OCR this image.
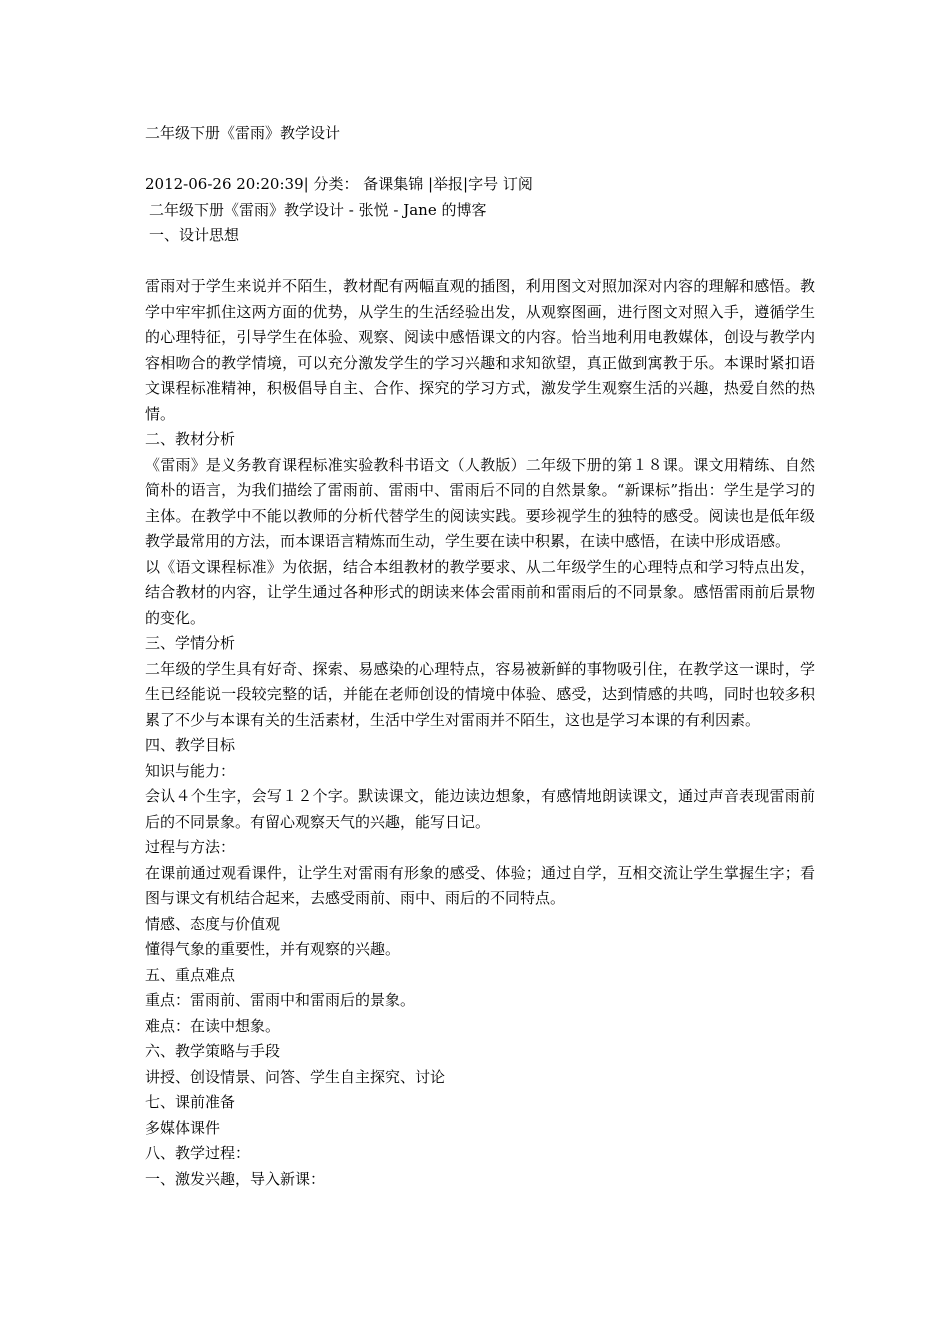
二年级下册《雷雨》教学设计
2012-06-26 20:20:39| 分类： 备课集锦 |举报|字号 订阅
二年级下册《雷雨》教学设计 - 张悦 - Jane 的博客
一、设计思想
雷雨对于学生来说并不陌生，教材配有两幅直观的插图，利用图文对照加深对内容的理解和感悟。教学中牢牢抓住这两方面的优势，从学生的生活经验出发，从观察图画，进行图文对照入手，遵循学生的心理特征，引导学生在体验、观察、阅读中感悟课文的内容。恰当地利用电教媒体，创设与教学内容相吻合的教学情境，可以充分激发学生的学习兴趣和求知欲望，真正做到寓教于乐。本课时紧扣语文课程标准精神，积极倡导自主、合作、探究的学习方式，激发学生观察生活的兴趣，热爱自然的热情。
二、教材分析
《雷雨》是义务教育课程标准实验教科书语文（人教版）二年级下册的第１８课。课文用精练、自然简朴的语言，为我们描绘了雷雨前、雷雨中、雷雨后不同的自然景象。“新课标”指出：学生是学习的主体。在教学中不能以教师的分析代替学生的阅读实践。要珍视学生的独特的感受。阅读也是低年级教学最常用的方法，而本课语言精炼而生动，学生要在读中积累，在读中感悟，在读中形成语感。
以《语文课程标准》为依据，结合本组教材的教学要求、从二年级学生的心理特点和学习特点出发，结合教材的内容，让学生通过各种形式的朗读来体会雷雨前和雷雨后的不同景象。感悟雷雨前后景物的变化。
三、学情分析
二年级的学生具有好奇、探索、易感染的心理特点，容易被新鲜的事物吸引住，在教学这一课时，学生已经能说一段较完整的话，并能在老师创设的情境中体验、感受，达到情感的共鸣，同时也较多积累了不少与本课有关的生活素材，生活中学生对雷雨并不陌生，这也是学习本课的有利因素。
四、教学目标
知识与能力：
会认４个生字，会写１２个字。默读课文，能边读边想象，有感情地朗读课文，通过声音表现雷雨前后的不同景象。有留心观察天气的兴趣，能写日记。
过程与方法：
在课前通过观看课件，让学生对雷雨有形象的感受、体验；通过自学，互相交流让学生掌握生字；看图与课文有机结合起来，去感受雨前、雨中、雨后的不同特点。
情感、态度与价值观
懂得气象的重要性，并有观察的兴趣。
五、重点难点
重点：雷雨前、雷雨中和雷雨后的景象。
难点：在读中想象。
六、教学策略与手段
讲授、创设情景、问答、学生自主探究、讨论
七、课前准备
多媒体课件
八、教学过程：
一、激发兴趣，导入新课：
